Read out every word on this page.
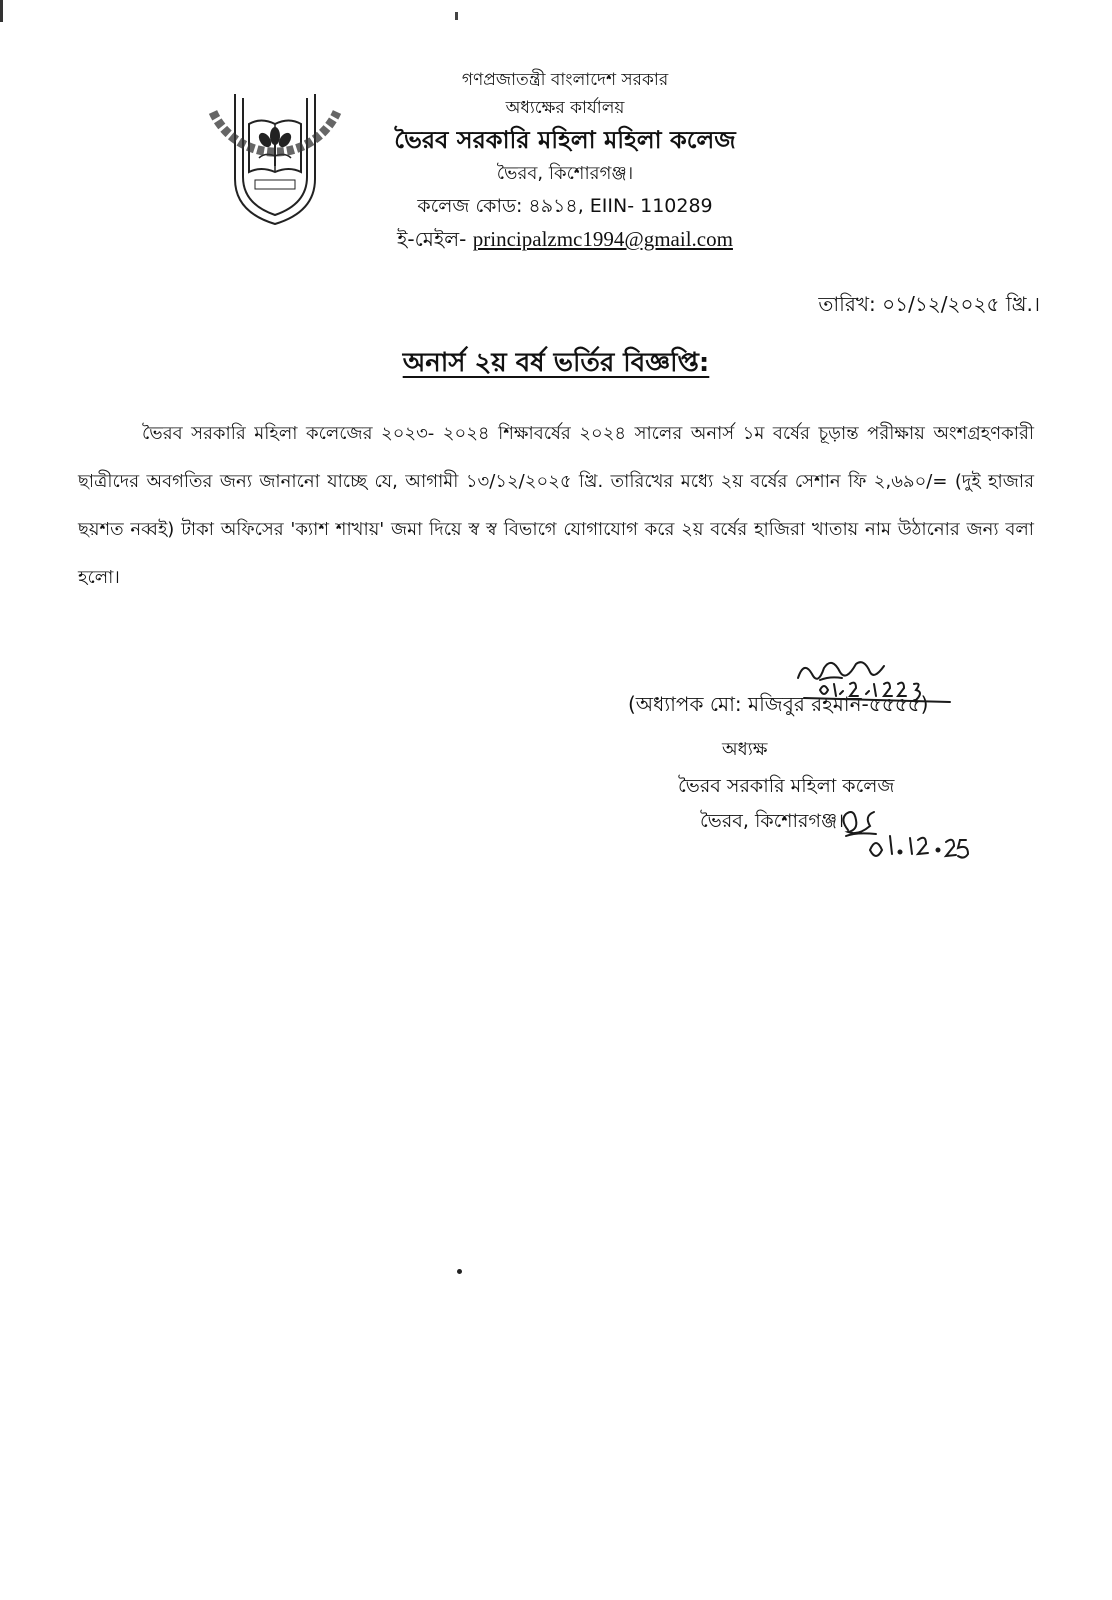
গণপ্রজাতন্ত্রী বাংলাদেশ সরকার
অধ্যক্ষের কার্যালয়
ভৈরব সরকারি মহিলা মহিলা কলেজ
ভৈরব, কিশোরগঞ্জ।
কলেজ কোড: ৪৯১৪, EIIN- 110289
ই-মেইল- principalzmc1994@gmail.com
তারিখ: ০১/১২/২০২৫ খ্রি.।
অনার্স ২য় বর্ষ ভর্তির বিজ্ঞপ্তি:
ভৈরব সরকারি মহিলা কলেজের ২০২৩- ২০২৪ শিক্ষাবর্ষের ২০২৪ সালের অনার্স ১ম বর্ষের চূড়ান্ত পরীক্ষায় অংশগ্রহণকারী ছাত্রীদের অবগতির জন্য জানানো যাচ্ছে যে, আগামী ১৩/১২/২০২৫ খ্রি. তারিখের মধ্যে ২য় বর্ষের সেশান ফি ২,৬৯০/= (দুই হাজার ছয়শত নব্বই) টাকা অফিসের 'ক্যাশ শাখায়' জমা দিয়ে স্ব স্ব বিভাগে যোগাযোগ করে ২য় বর্ষের হাজিরা খাতায় নাম উঠানোর জন্য বলা হলো।
(অধ্যাপক মো: মজিবুর রহমান-৫৫৫৫)
অধ্যক্ষ
ভৈরব সরকারি মহিলা কলেজ
ভৈরব, কিশোরগঞ্জ।
